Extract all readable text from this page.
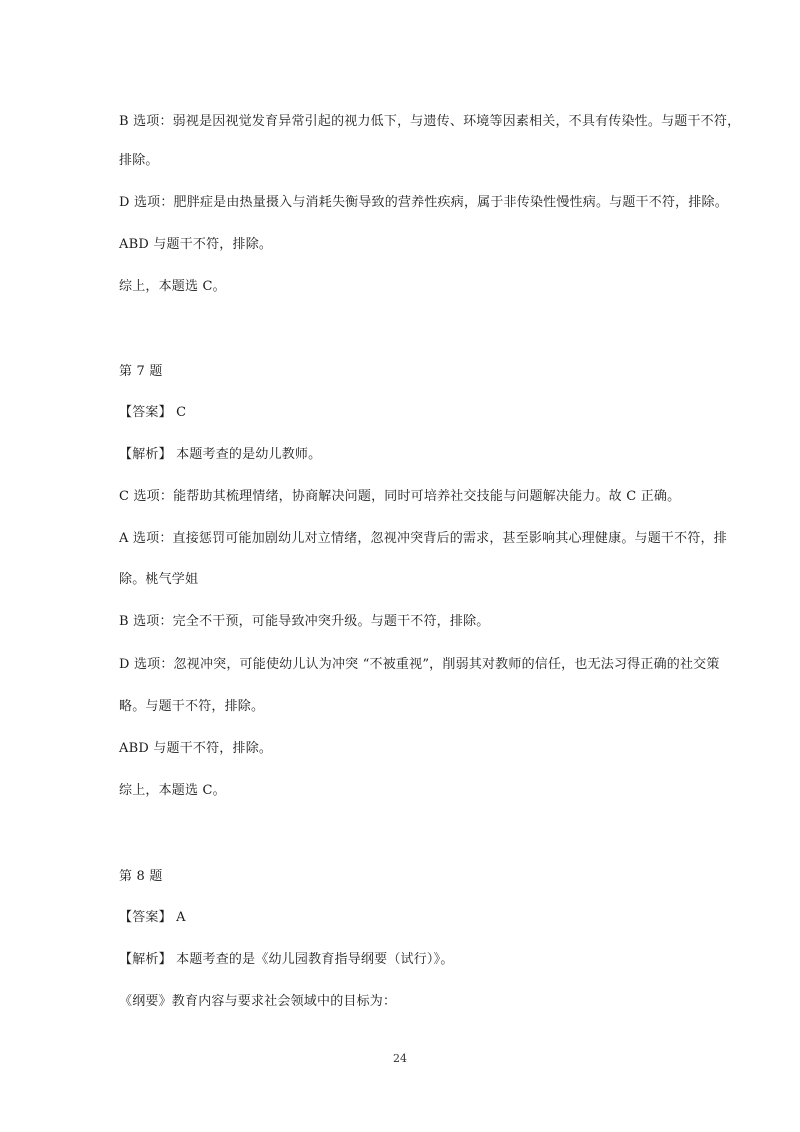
B 选项：弱视是因视觉发育异常引起的视力低下，与遗传、环境等因素相关，不具有传染性。与题干不符，
排除。
D 选项：肥胖症是由热量摄入与消耗失衡导致的营养性疾病，属于非传染性慢性病。与题干不符，排除。
ABD 与题干不符，排除。
综上，本题选 C。
第 7 题
【答案】 C
【解析】 本题考查的是幼儿教师。
C 选项：能帮助其梳理情绪，协商解决问题，同时可培养社交技能与问题解决能力。故 C 正确。
A 选项：直接惩罚可能加剧幼儿对立情绪，忽视冲突背后的需求，甚至影响其心理健康。与题干不符，排
除。桃气学姐
B 选项：完全不干预，可能导致冲突升级。与题干不符，排除。
D 选项：忽视冲突，可能使幼儿认为冲突 “不被重视”，削弱其对教师的信任，也无法习得正确的社交策
略。与题干不符，排除。
ABD 与题干不符，排除。
综上，本题选 C。
第 8 题
【答案】 A
【解析】 本题考查的是《幼儿园教育指导纲要（试行）》。
《纲要》教育内容与要求社会领域中的目标为：
24
